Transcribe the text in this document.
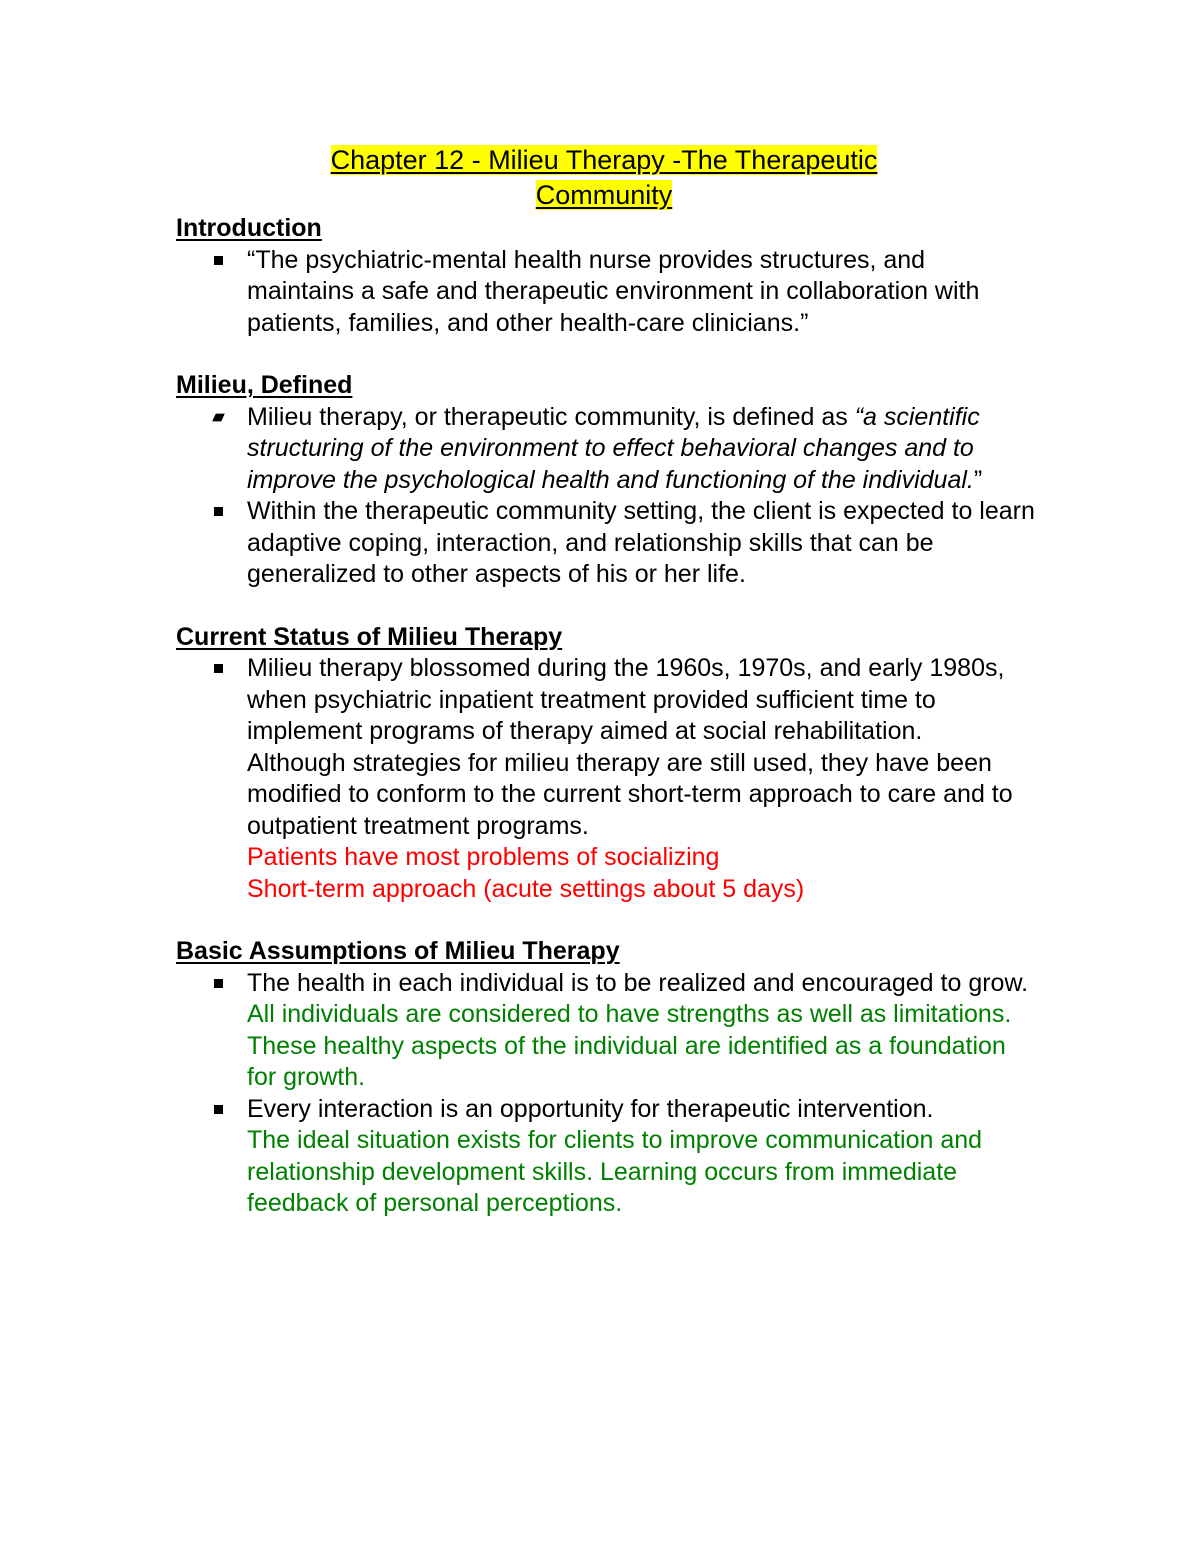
Chapter 12 - Milieu Therapy -The Therapeutic
Community
Introduction
“The psychiatric-mental health nurse provides structures, and maintains a safe and therapeutic environment in collaboration with patients, families, and other health-care clinicians.”
Milieu, Defined
Milieu therapy, or therapeutic community, is defined as “a scientific structuring of the environment to effect behavioral changes and to improve the psychological health and functioning of the individual.”
Within the therapeutic community setting, the client is expected to learn adaptive coping, interaction, and relationship skills that can be generalized to other aspects of his or her life.
Current Status of Milieu Therapy
Milieu therapy blossomed during the 1960s, 1970s, and early 1980s, when psychiatric inpatient treatment provided sufficient time to implement programs of therapy aimed at social rehabilitation.
Although strategies for milieu therapy are still used, they have been modified to conform to the current short-term approach to care and to outpatient treatment programs.
Patients have most problems of socializing
Short-term approach (acute settings about 5 days)
Basic Assumptions of Milieu Therapy
The health in each individual is to be realized and encouraged to grow.
All individuals are considered to have strengths as well as limitations. These healthy aspects of the individual are identified as a foundation for growth.
Every interaction is an opportunity for therapeutic intervention.
The ideal situation exists for clients to improve communication and relationship development skills. Learning occurs from immediate feedback of personal perceptions.
